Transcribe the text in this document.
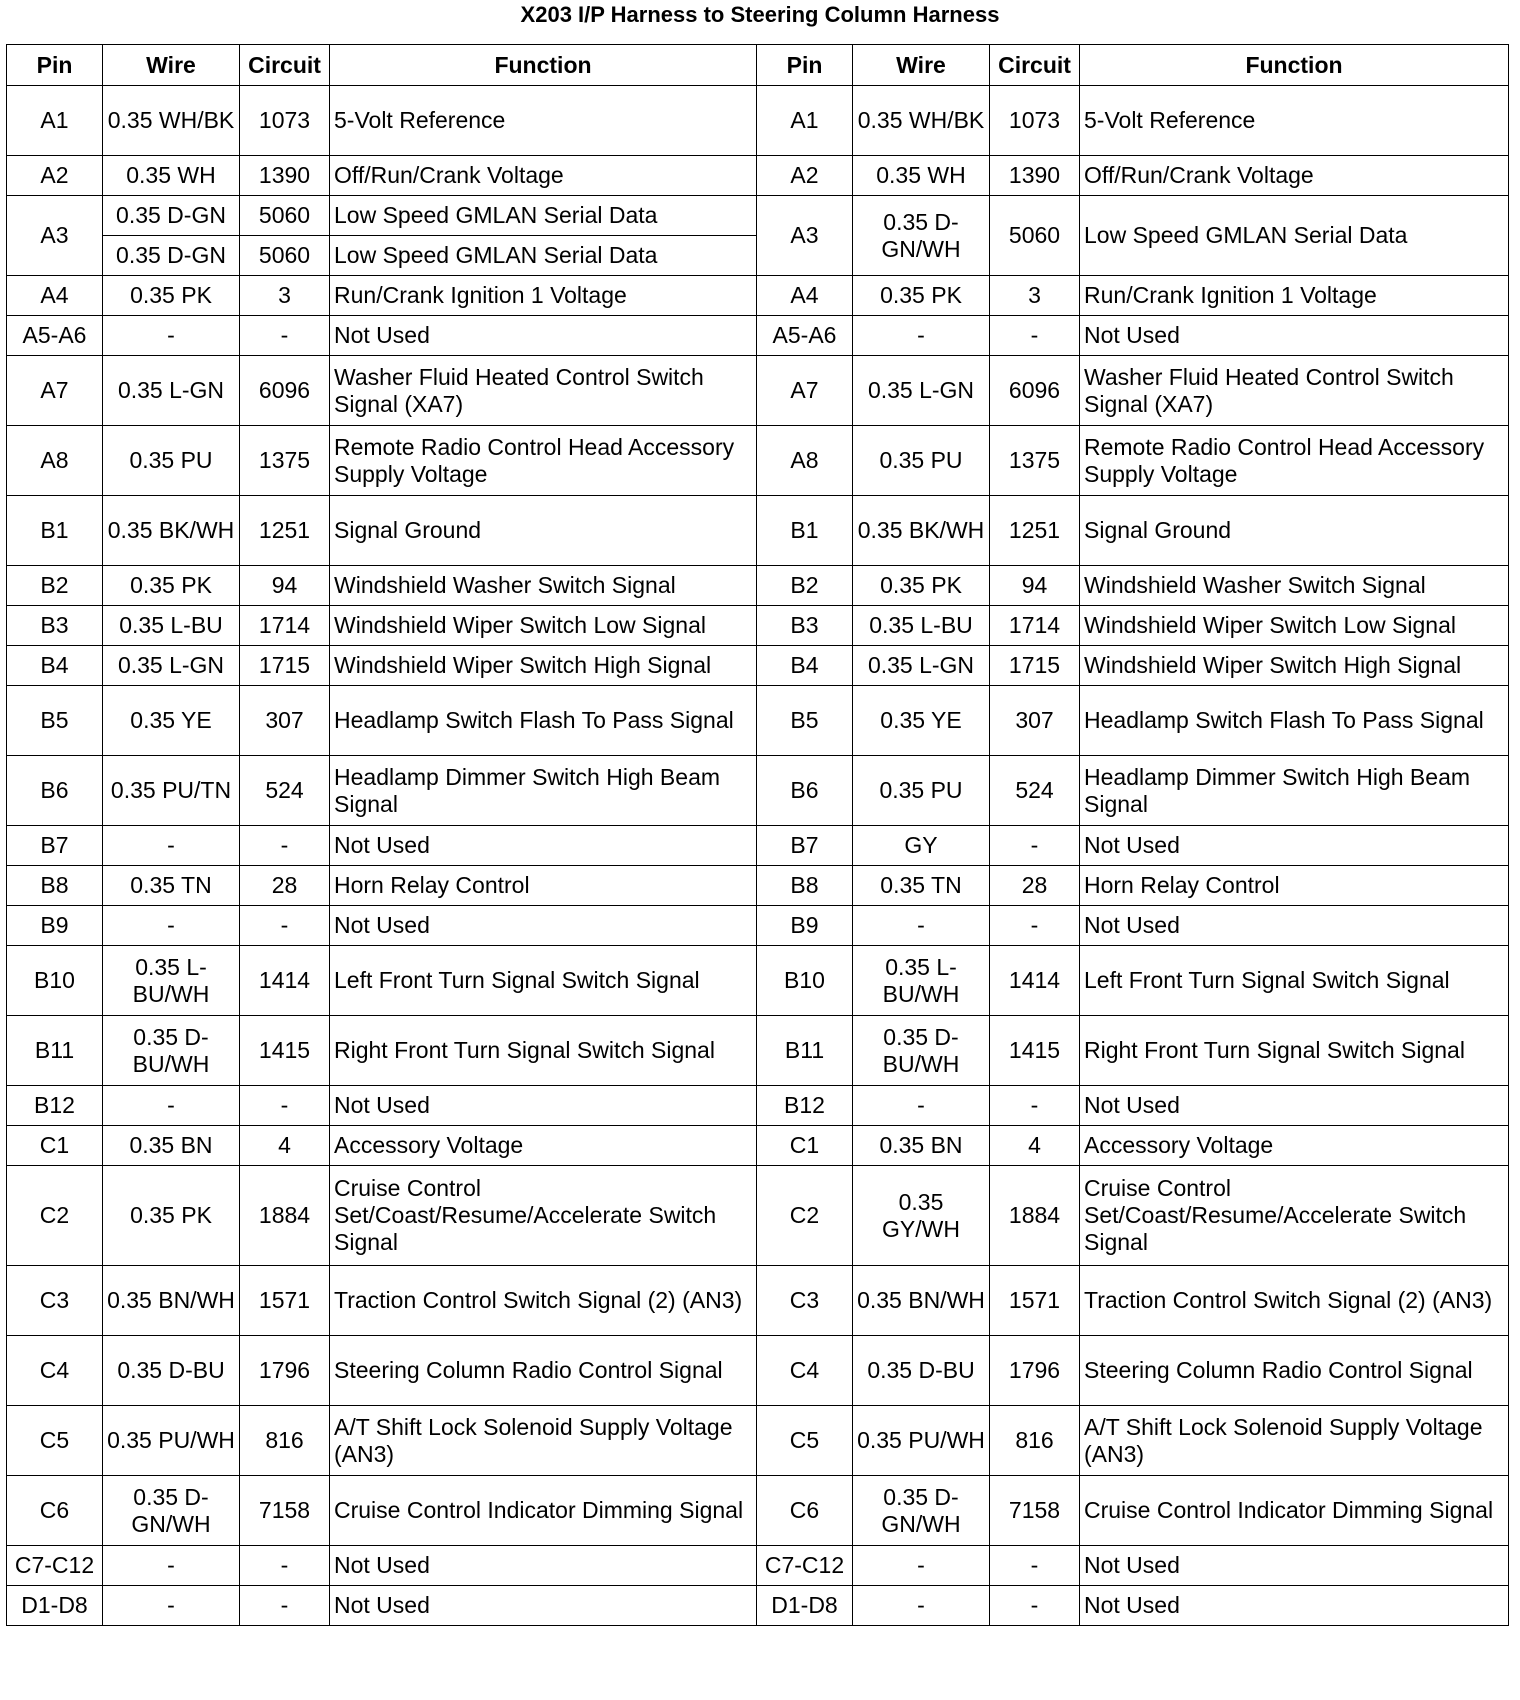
X203 I/P Harness to Steering Column Harness
Pin	Wire	Circuit	Function	Pin	Wire	Circuit	Function
A1	0.35 WH/BK	1073	5-Volt Reference	A1	0.35 WH/BK	1073	5-Volt Reference
A2	0.35 WH	1390	Off/Run/Crank Voltage	A2	0.35 WH	1390	Off/Run/Crank Voltage
A3	0.35 D-GN	5060	Low Speed GMLAN Serial Data	A3	0.35 D-GN/WH	5060	Low Speed GMLAN Serial Data
	0.35 D-GN	5060	Low Speed GMLAN Serial Data				
A4	0.35 PK	3	Run/Crank Ignition 1 Voltage	A4	0.35 PK	3	Run/Crank Ignition 1 Voltage
A5-A6	-	-	Not Used	A5-A6	-	-	Not Used
A7	0.35 L-GN	6096	Washer Fluid Heated Control Switch Signal (XA7)	A7	0.35 L-GN	6096	Washer Fluid Heated Control Switch Signal (XA7)
A8	0.35 PU	1375	Remote Radio Control Head Accessory Supply Voltage	A8	0.35 PU	1375	Remote Radio Control Head Accessory Supply Voltage
B1	0.35 BK/WH	1251	Signal Ground	B1	0.35 BK/WH	1251	Signal Ground
B2	0.35 PK	94	Windshield Washer Switch Signal	B2	0.35 PK	94	Windshield Washer Switch Signal
B3	0.35 L-BU	1714	Windshield Wiper Switch Low Signal	B3	0.35 L-BU	1714	Windshield Wiper Switch Low Signal
B4	0.35 L-GN	1715	Windshield Wiper Switch High Signal	B4	0.35 L-GN	1715	Windshield Wiper Switch High Signal
B5	0.35 YE	307	Headlamp Switch Flash To Pass Signal	B5	0.35 YE	307	Headlamp Switch Flash To Pass Signal
B6	0.35 PU/TN	524	Headlamp Dimmer Switch High Beam Signal	B6	0.35 PU	524	Headlamp Dimmer Switch High Beam Signal
B7	-	-	Not Used	B7	GY	-	Not Used
B8	0.35 TN	28	Horn Relay Control	B8	0.35 TN	28	Horn Relay Control
B9	-	-	Not Used	B9	-	-	Not Used
B10	0.35 L-BU/WH	1414	Left Front Turn Signal Switch Signal	B10	0.35 L-BU/WH	1414	Left Front Turn Signal Switch Signal
B11	0.35 D-BU/WH	1415	Right Front Turn Signal Switch Signal	B11	0.35 D-BU/WH	1415	Right Front Turn Signal Switch Signal
B12	-	-	Not Used	B12	-	-	Not Used
C1	0.35 BN	4	Accessory Voltage	C1	0.35 BN	4	Accessory Voltage
C2	0.35 PK	1884	Cruise Control Set/Coast/Resume/Accelerate Switch Signal	C2	0.35 GY/WH	1884	Cruise Control Set/Coast/Resume/Accelerate Switch Signal
C3	0.35 BN/WH	1571	Traction Control Switch Signal (2) (AN3)	C3	0.35 BN/WH	1571	Traction Control Switch Signal (2) (AN3)
C4	0.35 D-BU	1796	Steering Column Radio Control Signal	C4	0.35 D-BU	1796	Steering Column Radio Control Signal
C5	0.35 PU/WH	816	A/T Shift Lock Solenoid Supply Voltage (AN3)	C5	0.35 PU/WH	816	A/T Shift Lock Solenoid Supply Voltage (AN3)
C6	0.35 D-GN/WH	7158	Cruise Control Indicator Dimming Signal	C6	0.35 D-GN/WH	7158	Cruise Control Indicator Dimming Signal
C7-C12	-	-	Not Used	C7-C12	-	-	Not Used
D1-D8	-	-	Not Used	D1-D8	-	-	Not Used
